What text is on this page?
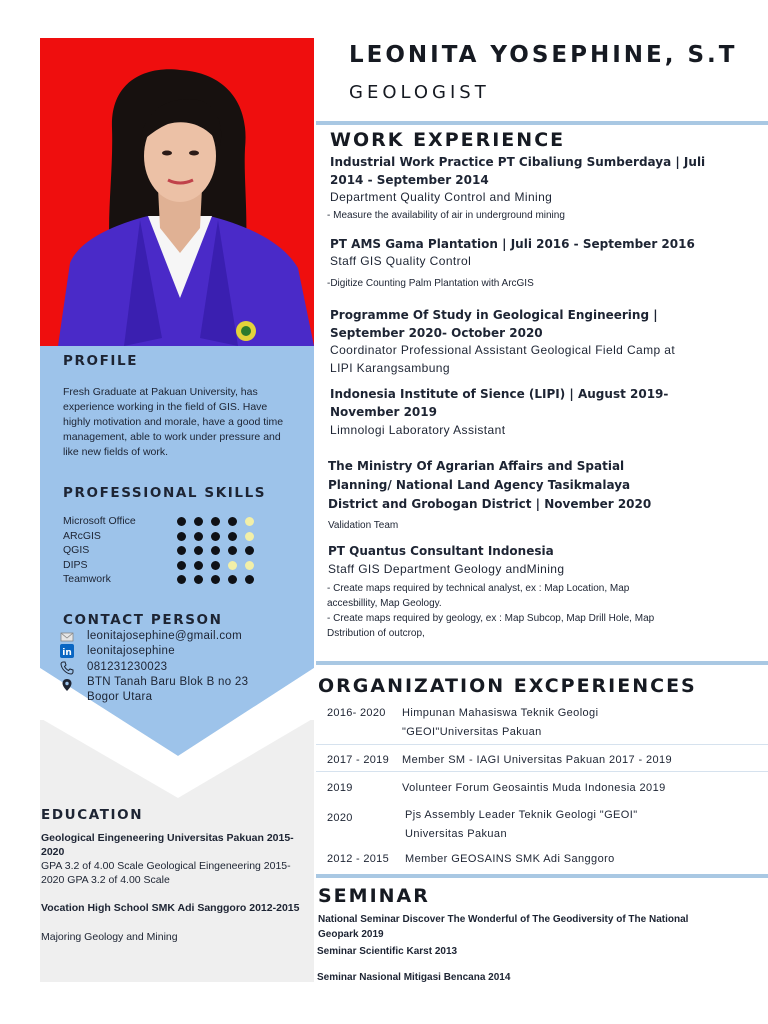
PROFILE
Fresh Graduate at Pakuan University, has experience working in the field of GIS. Have highly motivation and morale, have a good time management, able to work under pressure and like new fields of work.
PROFESSIONAL SKILLS
Microsoft Office
ARcGIS
QGIS
DIPS
Teamwork
CONTACT PERSON
leonitajosephine@gmail.com
in leonitajosephine
081231230023
BTN Tanah Baru Blok B no 23
Bogor Utara
EDUCATION
Geological Eingeneering Universitas Pakuan 2015-2020
GPA 3.2 of 4.00 Scale Geological Eingeneering 2015-2020 GPA 3.2 of 4.00 Scale
Vocation High School SMK Adi Sanggoro 2012-2015
Majoring Geology and Mining
LEONITA YOSEPHINE, S.T
GEOLOGIST
WORK EXPERIENCE
Industrial Work Practice PT Cibaliung Sumberdaya | Juli 2014 - September 2014
Department Quality Control and Mining
- Measure the availability of air in underground mining
PT AMS Gama Plantation | Juli 2016 - September 2016
Staff GIS Quality Control
-Digitize Counting Palm Plantation with ArcGIS
Programme Of Study in Geological Engineering | September 2020- October 2020
Coordinator Professional Assistant Geological Field Camp at LIPI Karangsambung
Indonesia Institute of Sience (LIPI) | August 2019- November 2019
Limnologi Laboratory Assistant
The Ministry Of Agrarian Affairs and Spatial Planning/ National Land Agency Tasikmalaya District and Grobogan District | November 2020
Validation Team
PT Quantus Consultant Indonesia
Staff GIS Department Geology andMining
- Create maps required by technical analyst, ex : Map Location, Map accesbillity, Map Geology.
- Create maps required by geology, ex : Map Subcop, Map Drill Hole, Map Dstribution of outcrop,
ORGANIZATION EXCPERIENCES
2016- 2020 Himpunan Mahasiswa Teknik Geologi "GEOI"Universitas Pakuan
2017 - 2019 Member SM - IAGI Universitas Pakuan 2017 - 2019
2019	Volunteer Forum Geosaintis Muda Indonesia 2019
2020	Pjs Assembly Leader Teknik Geologi "GEOI" Universitas Pakuan
2012 - 2015 Member GEOSAINS SMK Adi Sanggoro
SEMINAR
National Seminar Discover The Wonderful of The Geodiversity of The National Geopark 2019
Seminar Scientific Karst 2013
Seminar Nasional Mitigasi Bencana 2014
